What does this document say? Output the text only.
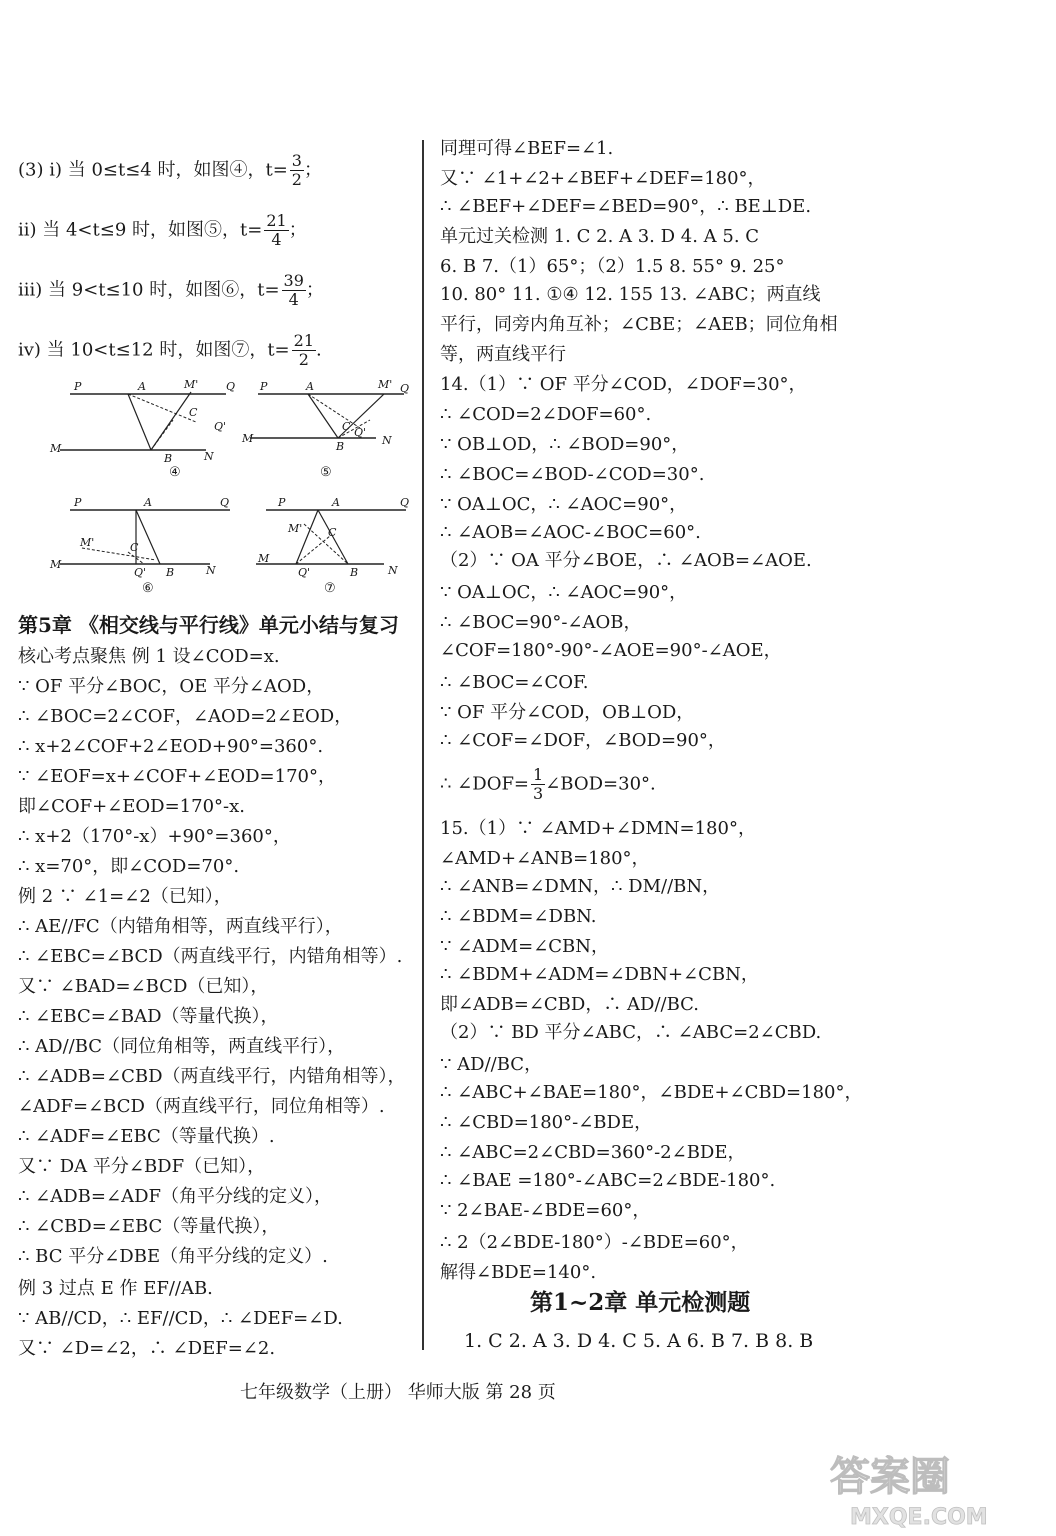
(3) i) 当 0≤t≤4 时，如图④，$t= \frac{3}{2}$ ；
ii) 当 4<t≤9 时，如图⑤，$t= \frac{21}{4}$ ；
iii) 当 9<t≤10 时，如图⑥，$t= \frac{39}{4}$ ；
iv) 当 10<t≤12 时，如图⑦，$t= \frac{21}{2}$ .
P	A	M'	Q
C
Q'
M
B	N
④
P	A	M' Q
C Q'
M
B	N
⑤
P	A	Q
M'	C
M
Q' B	N
⑥
P	A	Q
M' C
M
Q'	B	N
⑦
第5章 《相交线与平行线》单元小结与复习
核心考点聚焦 例 1 设∠COD=x.
∵ OF 平分∠BOC，OE 平分∠AOD，
∴ ∠BOC=2∠COF，∠AOD=2∠EOD，
∴ x+2∠COF+2∠EOD+90°=360°.
∵ ∠EOF=x+∠COF+∠EOD=170°，
即∠COF+∠EOD=170°-x.
∴ x+2（170°-x）+90°=360°，
∴ x=70°，即∠COD=70°.
例 2 ∵ ∠1=∠2（已知），
∴ AE//FC（内错角相等，两直线平行），
∴ ∠EBC=∠BCD（两直线平行，内错角相等）.
又∵ ∠BAD=∠BCD（已知），
∴ ∠EBC=∠BAD（等量代换），
∴ AD//BC（同位角相等，两直线平行），
∴ ∠ADB=∠CBD（两直线平行，内错角相等），
∠ADF=∠BCD（两直线平行，同位角相等）.
∴ ∠ADF=∠EBC（等量代换）.
又∵ DA 平分∠BDF（已知），
∴ ∠ADB=∠ADF（角平分线的定义），
∴ ∠CBD=∠EBC（等量代换），
∴ BC 平分∠DBE（角平分线的定义）.
例 3 过点 E 作 EF//AB.
∵ AB//CD，∴ EF//CD，∴ ∠DEF=∠D.
又∵ ∠D=∠2，∴ ∠DEF=∠2.
同理可得∠BEF=∠1.
又∵ ∠1+∠2+∠BEF+∠DEF=180°，
∴ ∠BEF+∠DEF=∠BED=90°，∴ BE⊥DE.
单元过关检测 1. C 2. A 3. D 4. A 5. C
6. B 7.（1）65°；（2）1.5 8. 55° 9. 25°
10. 80° 11. ①④ 12. 155 13. ∠ABC；两直线
平行，同旁内角互补；∠CBE；∠AEB；同位角相
等，两直线平行
14.（1）∵ OF 平分∠COD，∠DOF=30°，
∴ ∠COD=2∠DOF=60°.
∵ OB⊥OD，∴ ∠BOD=90°，
∴ ∠BOC=∠BOD-∠COD=30°.
∵ OA⊥OC，∴ ∠AOC=90°，
∴ ∠AOB=∠AOC-∠BOC=60°.
（2）∵ OA 平分∠BOE，∴ ∠AOB=∠AOE.
∵ OA⊥OC，∴ ∠AOC=90°，
∴ ∠BOC=90°-∠AOB，
∠COF=180°-90°-∠AOE=90°-∠AOE，
∴ ∠BOC=∠COF.
∵ OF 平分∠COD，OB⊥OD，
∴ ∠COF=∠DOF，∠BOD=90°，
∴ ∠DOF= $\frac{1}{3}$ ∠BOD=30°.
15.（1）∵ ∠AMD+∠DMN=180°，
∠AMD+∠ANB=180°，
∴ ∠ANB=∠DMN，∴ DM//BN，
∴ ∠BDM=∠DBN.
∵ ∠ADM=∠CBN，
∴ ∠BDM+∠ADM=∠DBN+∠CBN，
即∠ADB=∠CBD，∴ AD//BC.
（2）∵ BD 平分∠ABC，∴ ∠ABC=2∠CBD.
∵ AD//BC，
∴ ∠ABC+∠BAE=180°，∠BDE+∠CBD=180°，
∴ ∠CBD=180°-∠BDE，
∴ ∠ABC=2∠CBD=360°-2∠BDE，
∴ ∠BAE =180°-∠ABC=2∠BDE-180°.
∵ 2∠BAE-∠BDE=60°，
∴ 2（2∠BDE-180°）-∠BDE=60°，
解得∠BDE=140°.
第1~2章 单元检测题
1. C 2. A 3. D 4. C 5. A 6. B 7. B 8. B
七年级数学（上册） 华师大版 第 28 页
答案圈
MXQE.COM
